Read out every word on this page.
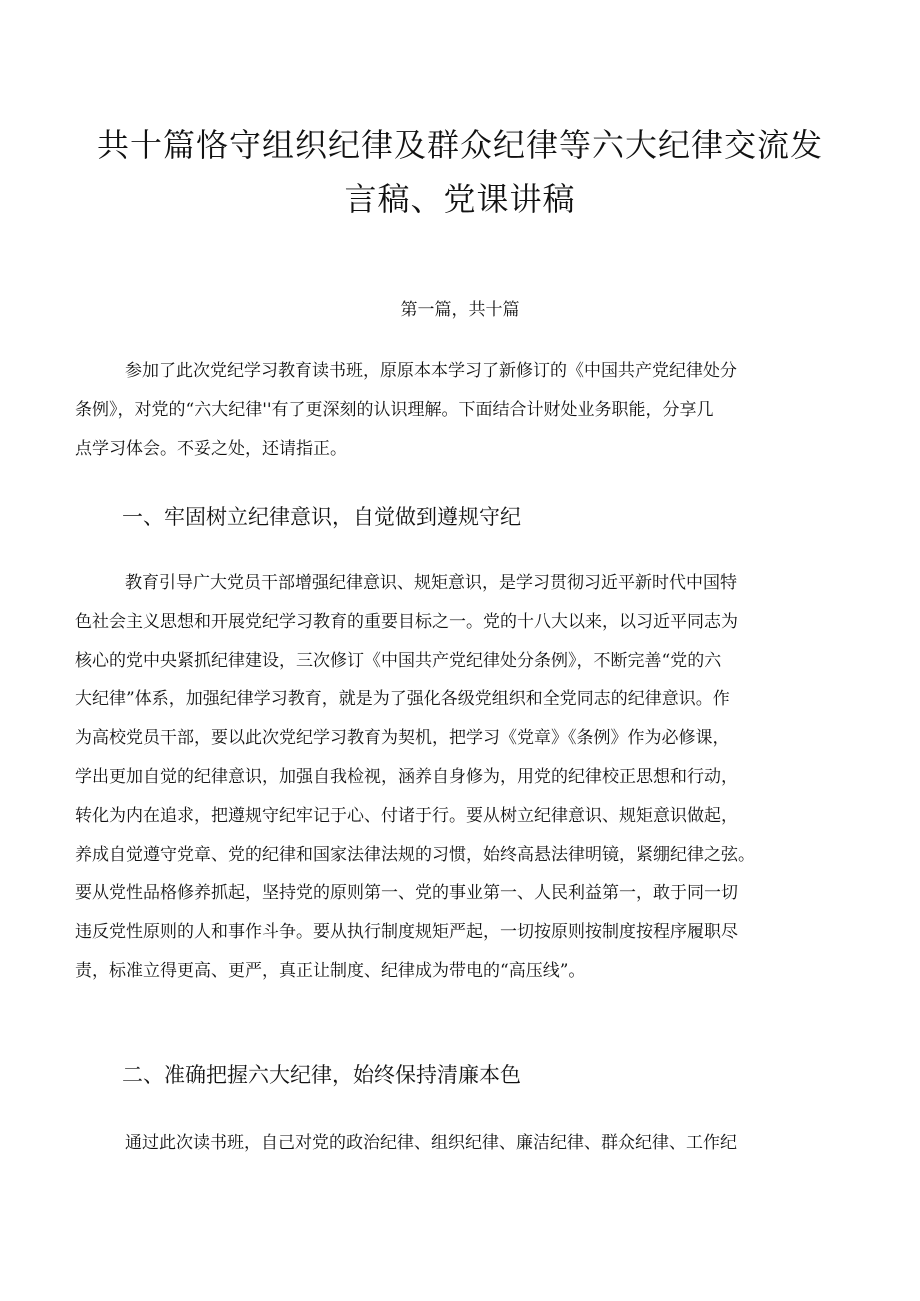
共十篇恪守组织纪律及群众纪律等六大纪律交流发
言稿、党课讲稿

第一篇，共十篇

参加了此次党纪学习教育读书班，原原本本学习了新修订的《中国共产党纪律处分
条例》，对党的“六大纪律''有了更深刻的认识理解。下面结合计财处业务职能，分享几
点学习体会。不妥之处，还请指正。
一、牢固树立纪律意识，自觉做到遵规守纪
教育引导广大党员干部增强纪律意识、规矩意识，是学习贯彻习近平新时代中国特
色社会主义思想和开展党纪学习教育的重要目标之一。党的十八大以来，以习近平同志为
核心的党中央紧抓纪律建设，三次修订《中国共产党纪律处分条例》，不断完善“党的六
大纪律”体系，加强纪律学习教育，就是为了强化各级党组织和全党同志的纪律意识。作
为高校党员干部，要以此次党纪学习教育为契机，把学习《党章》《条例》作为必修课，
学出更加自觉的纪律意识，加强自我检视，涵养自身修为，用党的纪律校正思想和行动，
转化为内在追求，把遵规守纪牢记于心、付诸于行。要从树立纪律意识、规矩意识做起，
养成自觉遵守党章、党的纪律和国家法律法规的习惯，始终高悬法律明镜，紧绷纪律之弦。
要从党性品格修养抓起，坚持党的原则第一、党的事业第一、人民利益第一，敢于同一切
违反党性原则的人和事作斗争。要从执行制度规矩严起，一切按原则按制度按程序履职尽
责，标准立得更高、更严，真正让制度、纪律成为带电的“高压线”。
二、准确把握六大纪律，始终保持清廉本色
通过此次读书班，自己对党的政治纪律、组织纪律、廉洁纪律、群众纪律、工作纪
